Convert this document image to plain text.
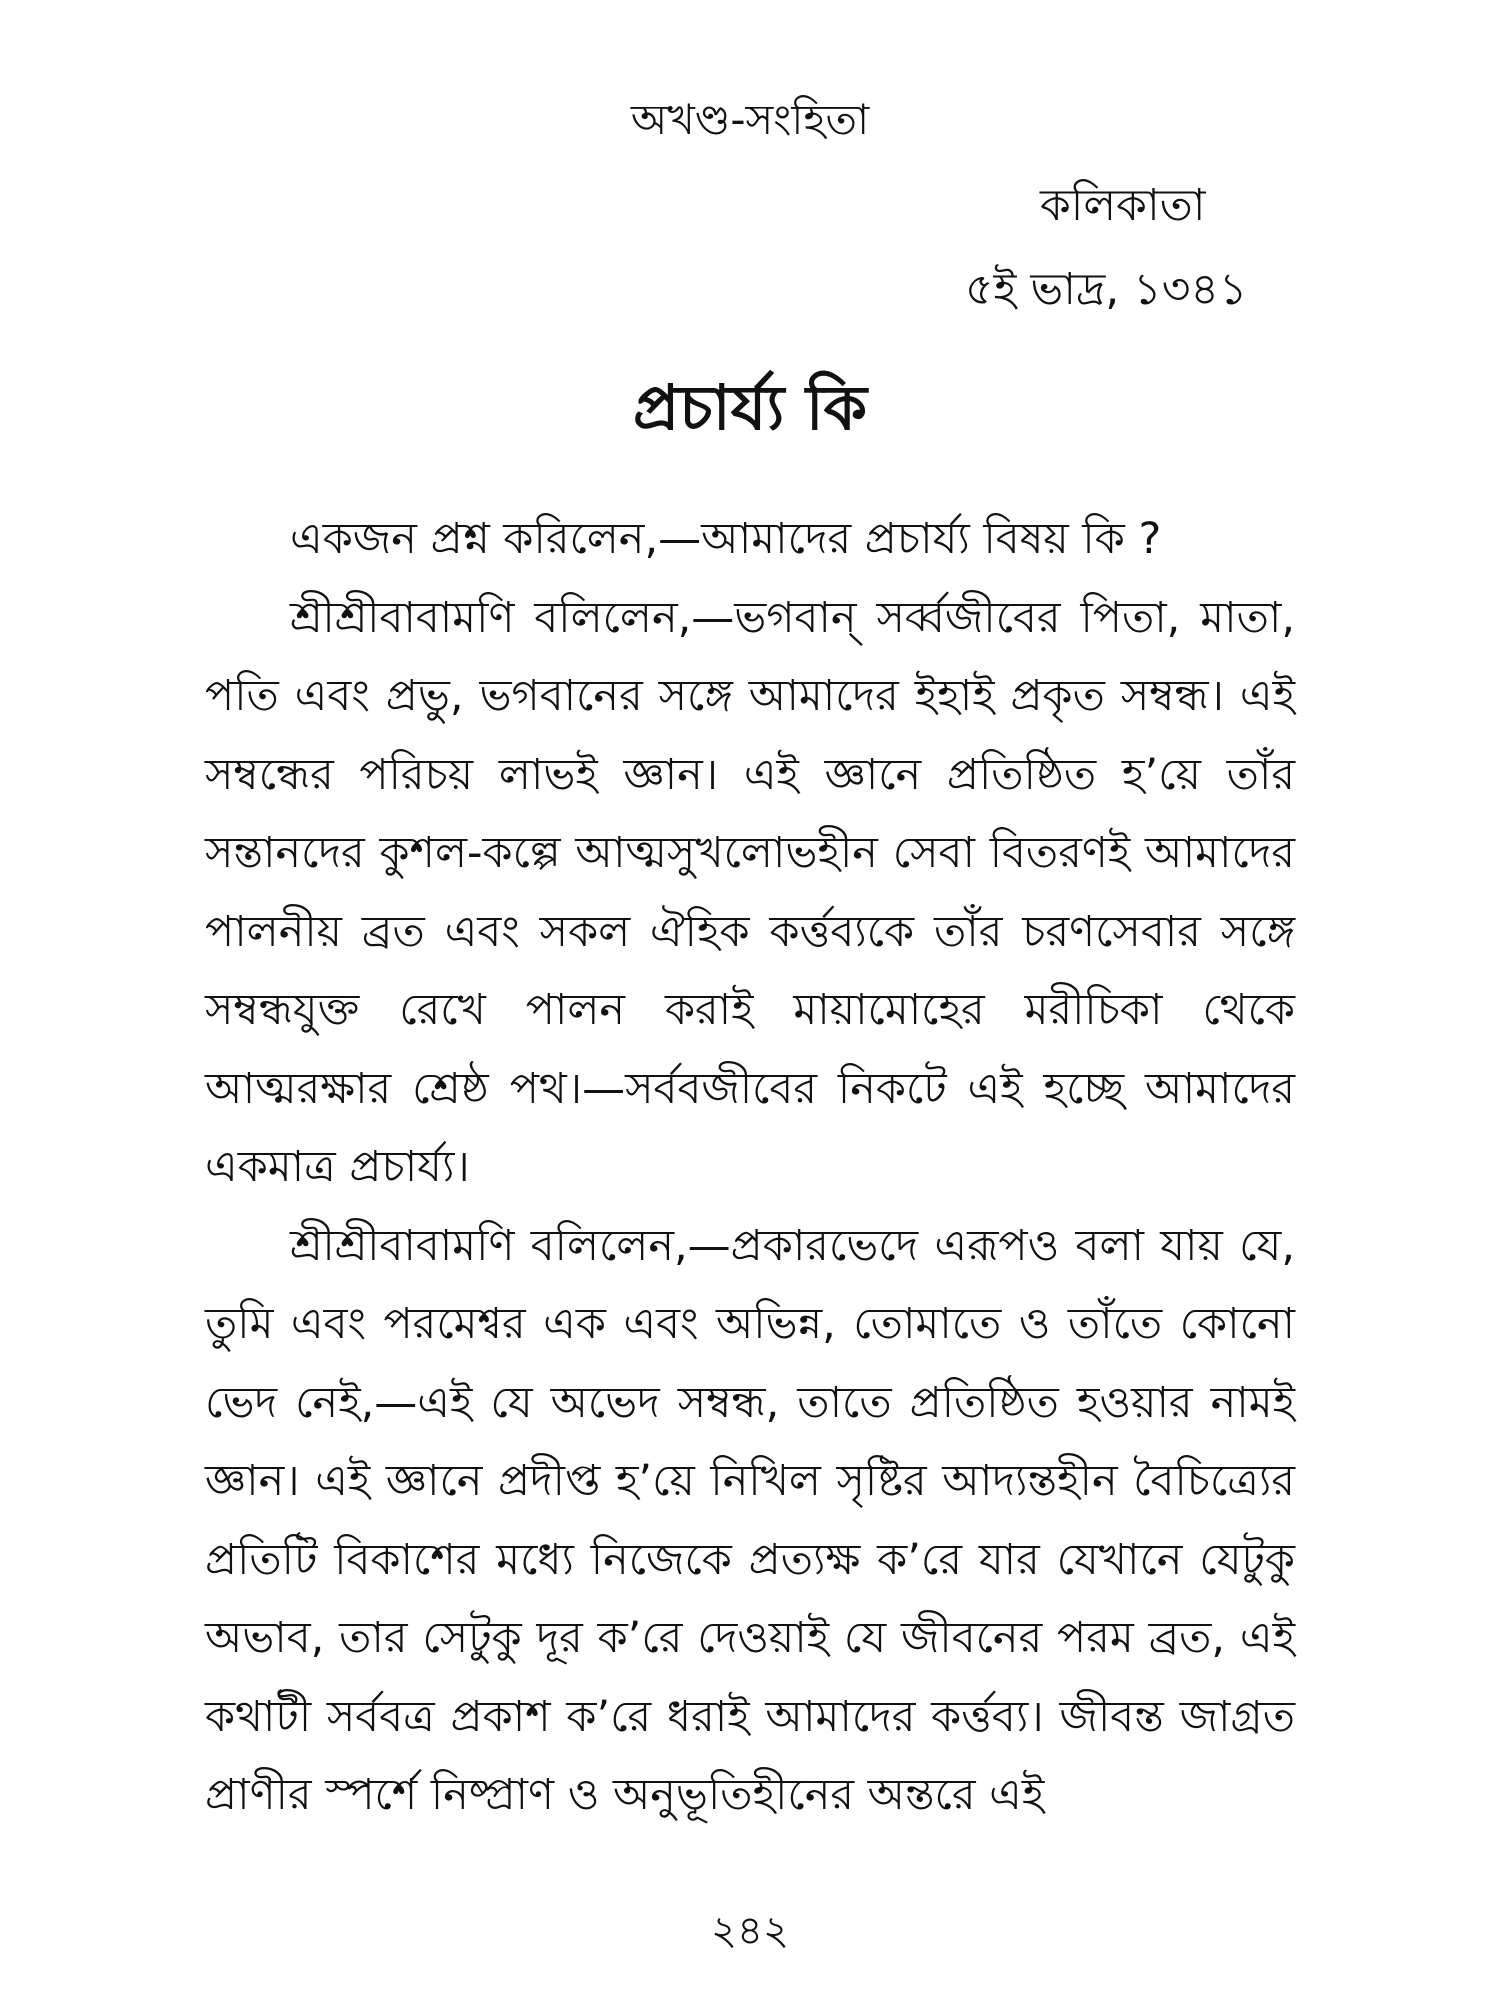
অখণ্ড-সংহিতা
কলিকাতা
৫ই ভাদ্র, ১৩৪১
প্রচার্য্য কি

একজন প্রশ্ন করিলেন,—আমাদের প্রচার্য্য বিষয় কি ?

শ্রীশ্রীবাবামণি বলিলেন,—ভগবান্ সর্ব্বজীবের পিতা, মাতা, পতি এবং প্রভু, ভগবানের সঙ্গে আমাদের ইহাই প্রকৃত সম্বন্ধ। এই সম্বন্ধের পরিচয় লাভই জ্ঞান। এই জ্ঞানে প্রতিষ্ঠিত হ’য়ে তাঁর সন্তানদের কুশল-কল্পে আত্মসুখলোভহীন সেবা বিতরণই আমাদের পালনীয় ব্রত এবং সকল ঐহিক কর্ত্তব্যকে তাঁর চরণসেবার সঙ্গে সম্বন্ধযুক্ত রেখে পালন করাই মায়ামোহের মরীচিকা থেকে আত্মরক্ষার শ্রেষ্ঠ পথ।—সর্ববজীবের নিকটে এই হচ্ছে আমাদের একমাত্র প্রচার্য্য।

শ্রীশ্রীবাবামণি বলিলেন,—প্রকারভেদে এরূপও বলা যায় যে, তুমি এবং পরমেশ্বর এক এবং অভিন্ন, তোমাতে ও তাঁতে কোনো ভেদ নেই,—এই যে অভেদ সম্বন্ধ, তাতে প্রতিষ্ঠিত হওয়ার নামই জ্ঞান। এই জ্ঞানে প্রদীপ্ত হ’য়ে নিখিল সৃষ্টির আদ্যন্তহীন বৈচিত্র্যের প্রতিটি বিকাশের মধ্যে নিজেকে প্রত্যক্ষ ক’রে যার যেখানে যেটুকু অভাব, তার সেটুকু দূর ক’রে দেওয়াই যে জীবনের পরম ব্রত, এই কথাটী সর্ববত্র প্রকাশ ক’রে ধরাই আমাদের কর্ত্তব্য। জীবন্ত জাগ্রত প্রাণীর স্পর্শে নিষ্প্রাণ ও অনুভূতিহীনের অন্তরে এই

২৪২
